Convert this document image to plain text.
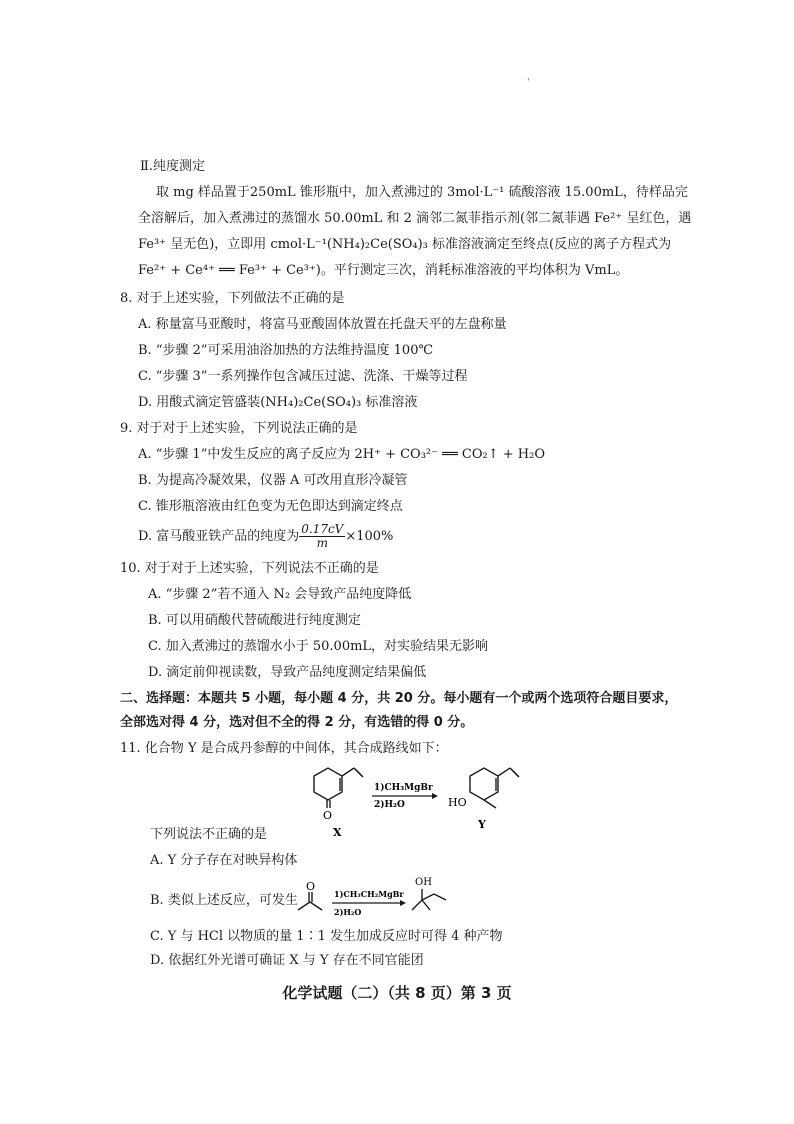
'
Ⅱ.纯度测定
取 mg 样品置于250mL 锥形瓶中，加入煮沸过的 3mol·L⁻¹ 硫酸溶液 15.00mL，待样品完
全溶解后，加入煮沸过的蒸馏水 50.00mL 和 2 滴邻二氮菲指示剂(邻二氮菲遇 Fe²⁺ 呈红色，遇
Fe³⁺ 呈无色)，立即用 cmol·L⁻¹(NH₄)₂Ce(SO₄)₃ 标准溶液滴定至终点(反应的离子方程式为
Fe²⁺ + Ce⁴⁺ ══ Fe³⁺ + Ce³⁺)。平行测定三次，消耗标准溶液的平均体积为 VmL。
8. 对于上述实验，下列做法不正确的是
A. 称量富马亚酸时，将富马亚酸固体放置在托盘天平的左盘称量
B. “步骤 2”可采用油浴加热的方法维持温度 100℃
C. “步骤 3”一系列操作包含减压过滤、洗涤、干燥等过程
D. 用酸式滴定管盛装(NH₄)₂Ce(SO₄)₃ 标准溶液
9. 对于对于上述实验，下列说法正确的是
A. “步骤 1”中发生反应的离子反应为 2H⁺ + CO₃²⁻ ══ CO₂↑ + H₂O
B. 为提高冷凝效果，仪器 A 可改用直形冷凝管
C. 锥形瓶溶液由红色变为无色即达到滴定终点
D. 富马酸亚铁产品的纯度为 $\frac{0.17cV}{m} \times 100\%$
10. 对于对于上述实验，下列说法不正确的是
A. “步骤 2”若不通入 N₂ 会导致产品纯度降低
B. 可以用硝酸代替硫酸进行纯度测定
C. 加入煮沸过的蒸馏水小于 50.00mL，对实验结果无影响
D. 滴定前仰视读数，导致产品纯度测定结果偏低
二、选择题：本题共 5 小题，每小题 4 分，共 20 分。每小题有一个或两个选项符合题目要求，
全部选对得 4 分，选对但不全的得 2 分，有选错的得 0 分。
11. 化合物 Y 是合成丹参醇的中间体，其合成路线如下：
O
X
1)CH₃MgBr
2)H₂O	HO
Y
下列说法不正确的是
A. Y 分子存在对映异构体
B. 类似上述反应，可发生
O
1)CH₃CH₂MgBr
2)H₂O
OH
C. Y 与 HCl 以物质的量 1∶1 发生加成反应时可得 4 种产物
D. 依据红外光谱可确证 X 与 Y 存在不同官能团
化学试题（二）（共 8 页）第 3 页
